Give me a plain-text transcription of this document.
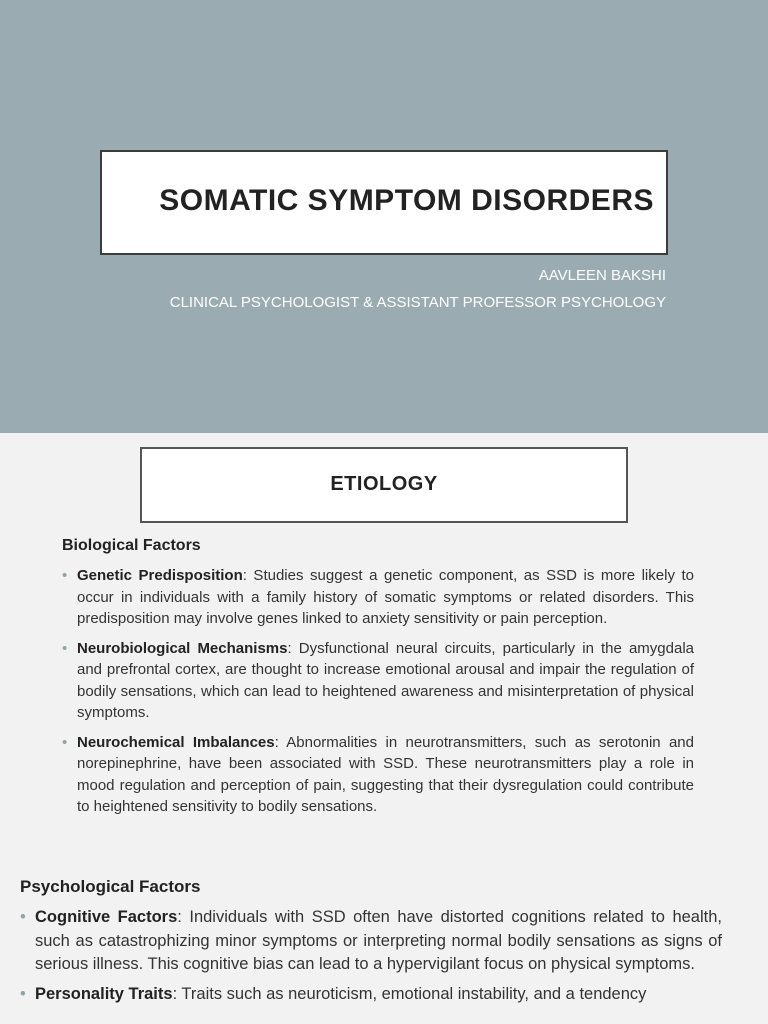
SOMATIC SYMPTOM DISORDERS
AAVLEEN BAKSHI
CLINICAL PSYCHOLOGIST & ASSISTANT PROFESSOR PSYCHOLOGY
ETIOLOGY
Biological Factors
• Genetic Predisposition: Studies suggest a genetic component, as SSD is more likely to occur in individuals with a family history of somatic symptoms or related disorders. This predisposition may involve genes linked to anxiety sensitivity or pain perception.
• Neurobiological Mechanisms: Dysfunctional neural circuits, particularly in the amygdala and prefrontal cortex, are thought to increase emotional arousal and impair the regulation of bodily sensations, which can lead to heightened awareness and misinterpretation of physical symptoms.
• Neurochemical Imbalances: Abnormalities in neurotransmitters, such as serotonin and norepinephrine, have been associated with SSD. These neurotransmitters play a role in mood regulation and perception of pain, suggesting that their dysregulation could contribute to heightened sensitivity to bodily sensations.
Psychological Factors
• Cognitive Factors: Individuals with SSD often have distorted cognitions related to health, such as catastrophizing minor symptoms or interpreting normal bodily sensations as signs of serious illness. This cognitive bias can lead to a hypervigilant focus on physical symptoms.
• Personality Traits: Traits such as neuroticism, emotional instability, and a tendency
